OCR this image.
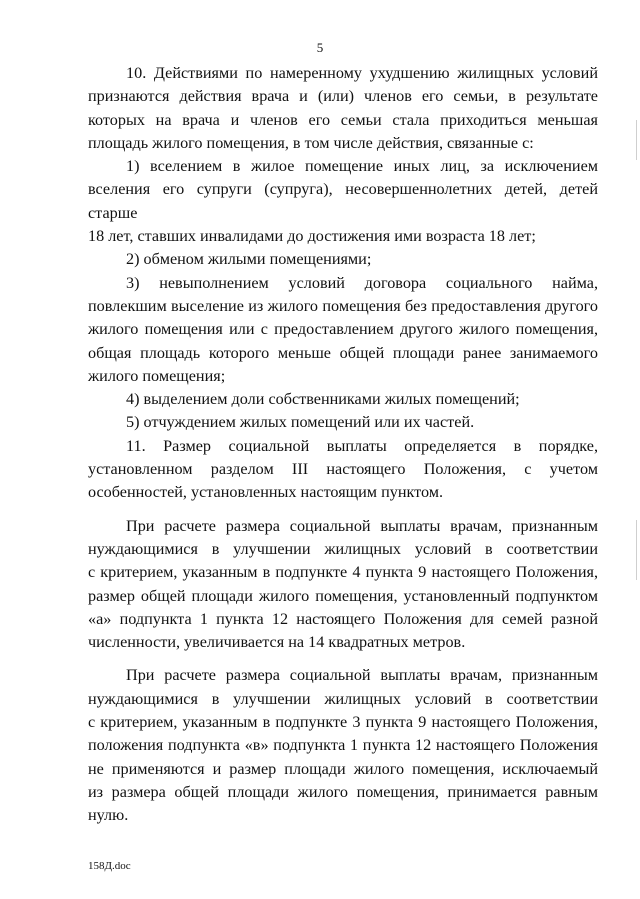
5

10. Действиями по намеренному ухудшению жилищных условий
признаются действия врача и (или) членов его семьи, в результате
которых на врача и членов его семьи стала приходиться меньшая
площадь жилого помещения, в том числе действия, связанные с:

1) вселением в жилое помещение иных лиц, за исключением
вселения его супруги (супруга), несовершеннолетних детей, детей старше
18 лет, ставших инвалидами до достижения ими возраста 18 лет;

2) обменом жилыми помещениями;

3) невыполнением условий договора социального найма,
повлекшим выселение из жилого помещения без предоставления другого
жилого помещения или с предоставлением другого жилого помещения,
общая площадь которого меньше общей площади ранее занимаемого
жилого помещения;

4) выделением доли собственниками жилых помещений;

5) отчуждением жилых помещений или их частей.

11. Размер социальной выплаты определяется в порядке,
установленном разделом III настоящего Положения, с учетом
особенностей, установленных настоящим пунктом.

При расчете размера социальной выплаты врачам, признанным
нуждающимися в улучшении жилищных условий в соответствии
с критерием, указанным в подпункте 4 пункта 9 настоящего Положения,
размер общей площади жилого помещения, установленный подпунктом
«а» подпункта 1 пункта 12 настоящего Положения для семей разной
численности, увеличивается на 14 квадратных метров.

При расчете размера социальной выплаты врачам, признанным
нуждающимися в улучшении жилищных условий в соответствии
с критерием, указанным в подпункте 3 пункта 9 настоящего Положения,
положения подпункта «в» подпункта 1 пункта 12 настоящего Положения
не применяются и размер площади жилого помещения, исключаемый
из размера общей площади жилого помещения, принимается равным
нулю.

158Д.doc
